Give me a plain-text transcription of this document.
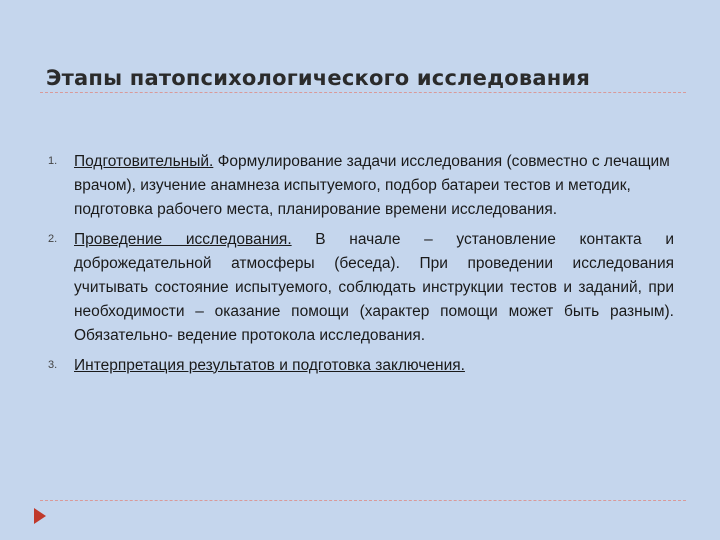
Этапы патопсихологического исследования
1.	Подготовительный. Формулирование задачи исследования (совместно с лечащим врачом), изучение анамнеза испытуемого, подбор батареи тестов и методик, подготовка рабочего места, планирование времени исследования.
2.	Проведение исследования. В начале – установление контакта и доброжедательной атмосферы (беседа). При проведении исследования учитывать состояние испытуемого, соблюдать инструкции тестов и заданий, при необходимости – оказание помощи (характер помощи может быть разным). Обязательно- ведение протокола исследования.
3.	Интерпретация результатов и подготовка заключения.
